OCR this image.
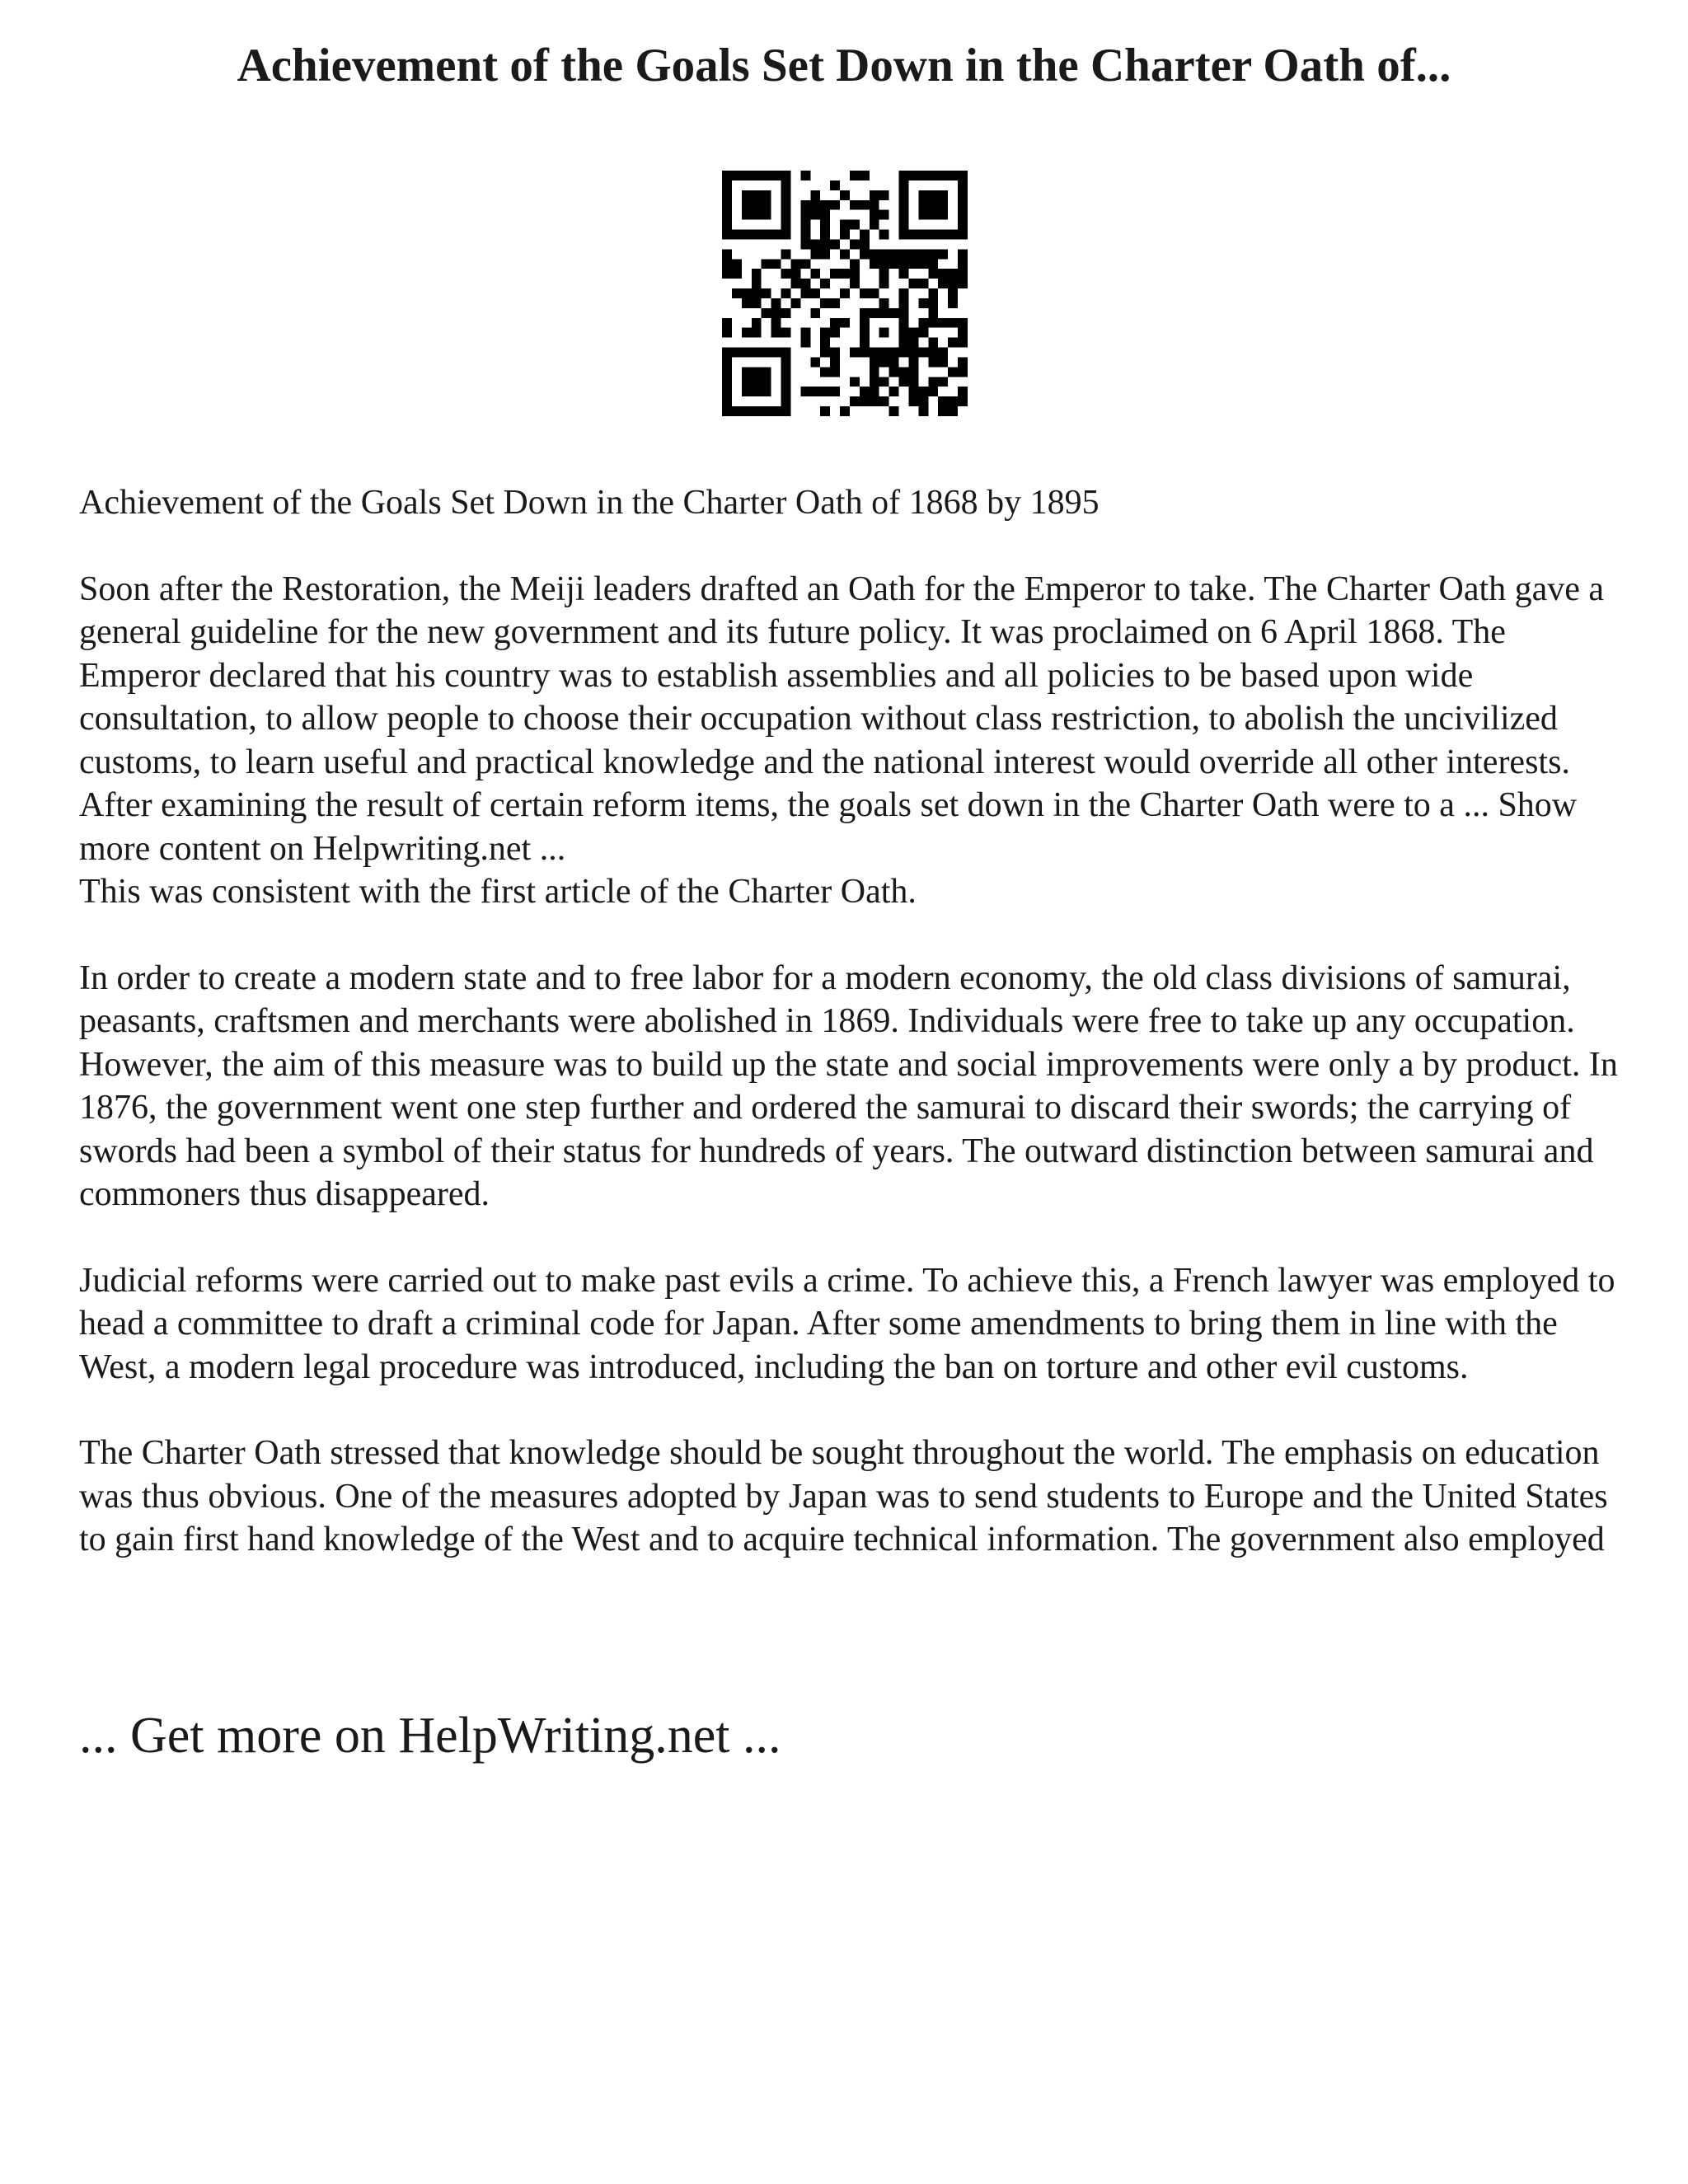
Achievement of the Goals Set Down in the Charter Oath of...

Achievement of the Goals Set Down in the Charter Oath of 1868 by 1895

Soon after the Restoration, the Meiji leaders drafted an Oath for the Emperor to take. The Charter Oath gave a general guideline for the new government and its future policy. It was proclaimed on 6 April 1868. The Emperor declared that his country was to establish assemblies and all policies to be based upon wide consultation, to allow people to choose their occupation without class restriction, to abolish the uncivilized customs, to learn useful and practical knowledge and the national interest would override all other interests. After examining the result of certain reform items, the goals set down in the Charter Oath were to a ... Show more content on Helpwriting.net ...

This was consistent with the first article of the Charter Oath.

In order to create a modern state and to free labor for a modern economy, the old class divisions of samurai, peasants, craftsmen and merchants were abolished in 1869. Individuals were free to take up any occupation. However, the aim of this measure was to build up the state and social improvements were only a by product. In 1876, the government went one step further and ordered the samurai to discard their swords; the carrying of swords had been a symbol of their status for hundreds of years. The outward distinction between samurai and commoners thus disappeared.

Judicial reforms were carried out to make past evils a crime. To achieve this, a French lawyer was employed to head a committee to draft a criminal code for Japan. After some amendments to bring them in line with the West, a modern legal procedure was introduced, including the ban on torture and other evil customs.

The Charter Oath stressed that knowledge should be sought throughout the world. The emphasis on education was thus obvious. One of the measures adopted by Japan was to send students to Europe and the United States to gain first hand knowledge of the West and to acquire technical information. The government also employed

... Get more on HelpWriting.net ...
